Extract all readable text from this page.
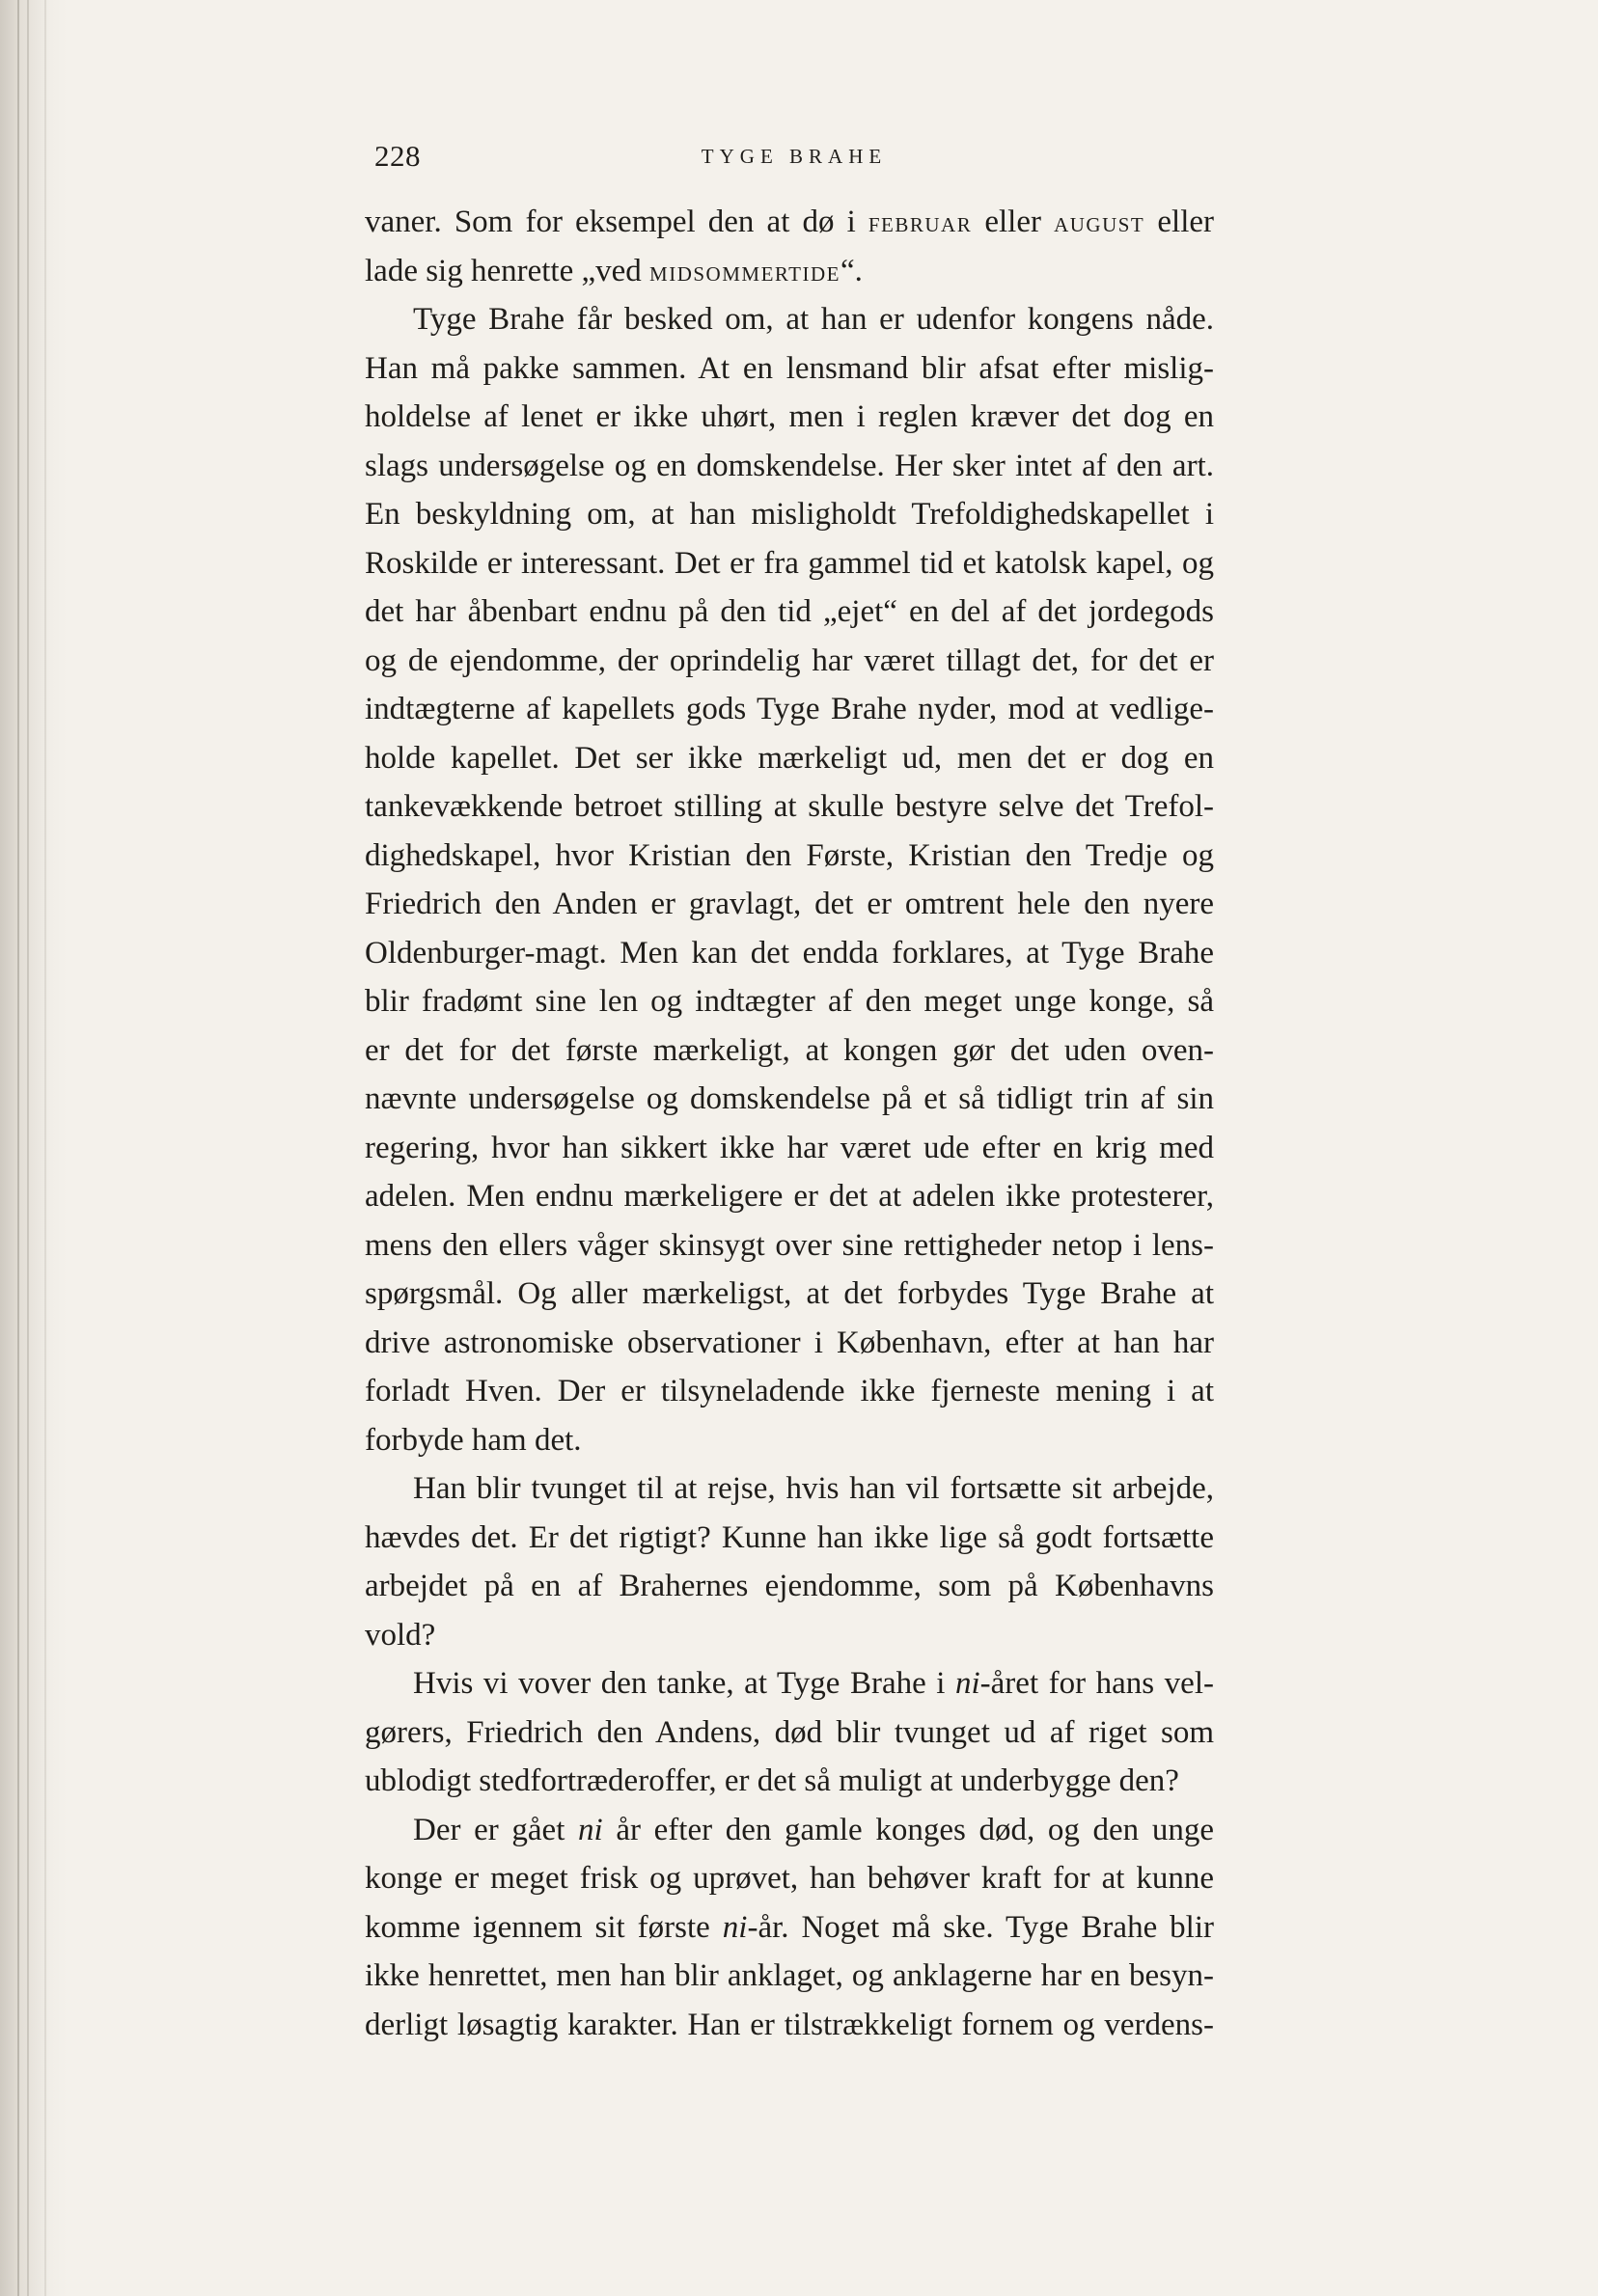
228	TYGE BRAHE
vaner. Som for eksempel den at dø i FEBRUAR eller AUGUST eller
lade sig henrette „ved MIDSOMMERTIDE“.
Tyge Brahe får besked om, at han er udenfor kongens nåde.
Han må pakke sammen. At en lensmand blir afsat efter mislig-
holdelse af lenet er ikke uhørt, men i reglen kræver det dog en
slags undersøgelse og en domskendelse. Her sker intet af den art.
En beskyldning om, at han misligholdt Trefoldighedskapellet i
Roskilde er interessant. Det er fra gammel tid et katolsk kapel, og
det har åbenbart endnu på den tid „ejet“ en del af det jordegods
og de ejendomme, der oprindelig har været tillagt det, for det er
indtægterne af kapellets gods Tyge Brahe nyder, mod at vedlige-
holde kapellet. Det ser ikke mærkeligt ud, men det er dog en
tankevækkende betroet stilling at skulle bestyre selve det Trefol-
dighedskapel, hvor Kristian den Første, Kristian den Tredje og
Friedrich den Anden er gravlagt, det er omtrent hele den nyere
Oldenburger-magt. Men kan det endda forklares, at Tyge Brahe
blir fradømt sine len og indtægter af den meget unge konge, så
er det for det første mærkeligt, at kongen gør det uden oven-
nævnte undersøgelse og domskendelse på et så tidligt trin af sin
regering, hvor han sikkert ikke har været ude efter en krig med
adelen. Men endnu mærkeligere er det at adelen ikke protesterer,
mens den ellers våger skinsygt over sine rettigheder netop i lens-
spørgsmål. Og aller mærkeligst, at det forbydes Tyge Brahe at
drive astronomiske observationer i København, efter at han har
forladt Hven. Der er tilsyneladende ikke fjerneste mening i at
forbyde ham det.
Han blir tvunget til at rejse, hvis han vil fortsætte sit arbejde,
hævdes det. Er det rigtigt? Kunne han ikke lige så godt fortsætte
arbejdet på en af Brahernes ejendomme, som på Københavns
vold?
Hvis vi vover den tanke, at Tyge Brahe i ni-året for hans vel-
gørers, Friedrich den Andens, død blir tvunget ud af riget som
ublodigt stedfortræderoffer, er det så muligt at underbygge den?
Der er gået ni år efter den gamle konges død, og den unge
konge er meget frisk og uprøvet, han behøver kraft for at kunne
komme igennem sit første ni-år. Noget må ske. Tyge Brahe blir
ikke henrettet, men han blir anklaget, og anklagerne har en besyn-
derligt løsagtig karakter. Han er tilstrækkeligt fornem og verdens-
